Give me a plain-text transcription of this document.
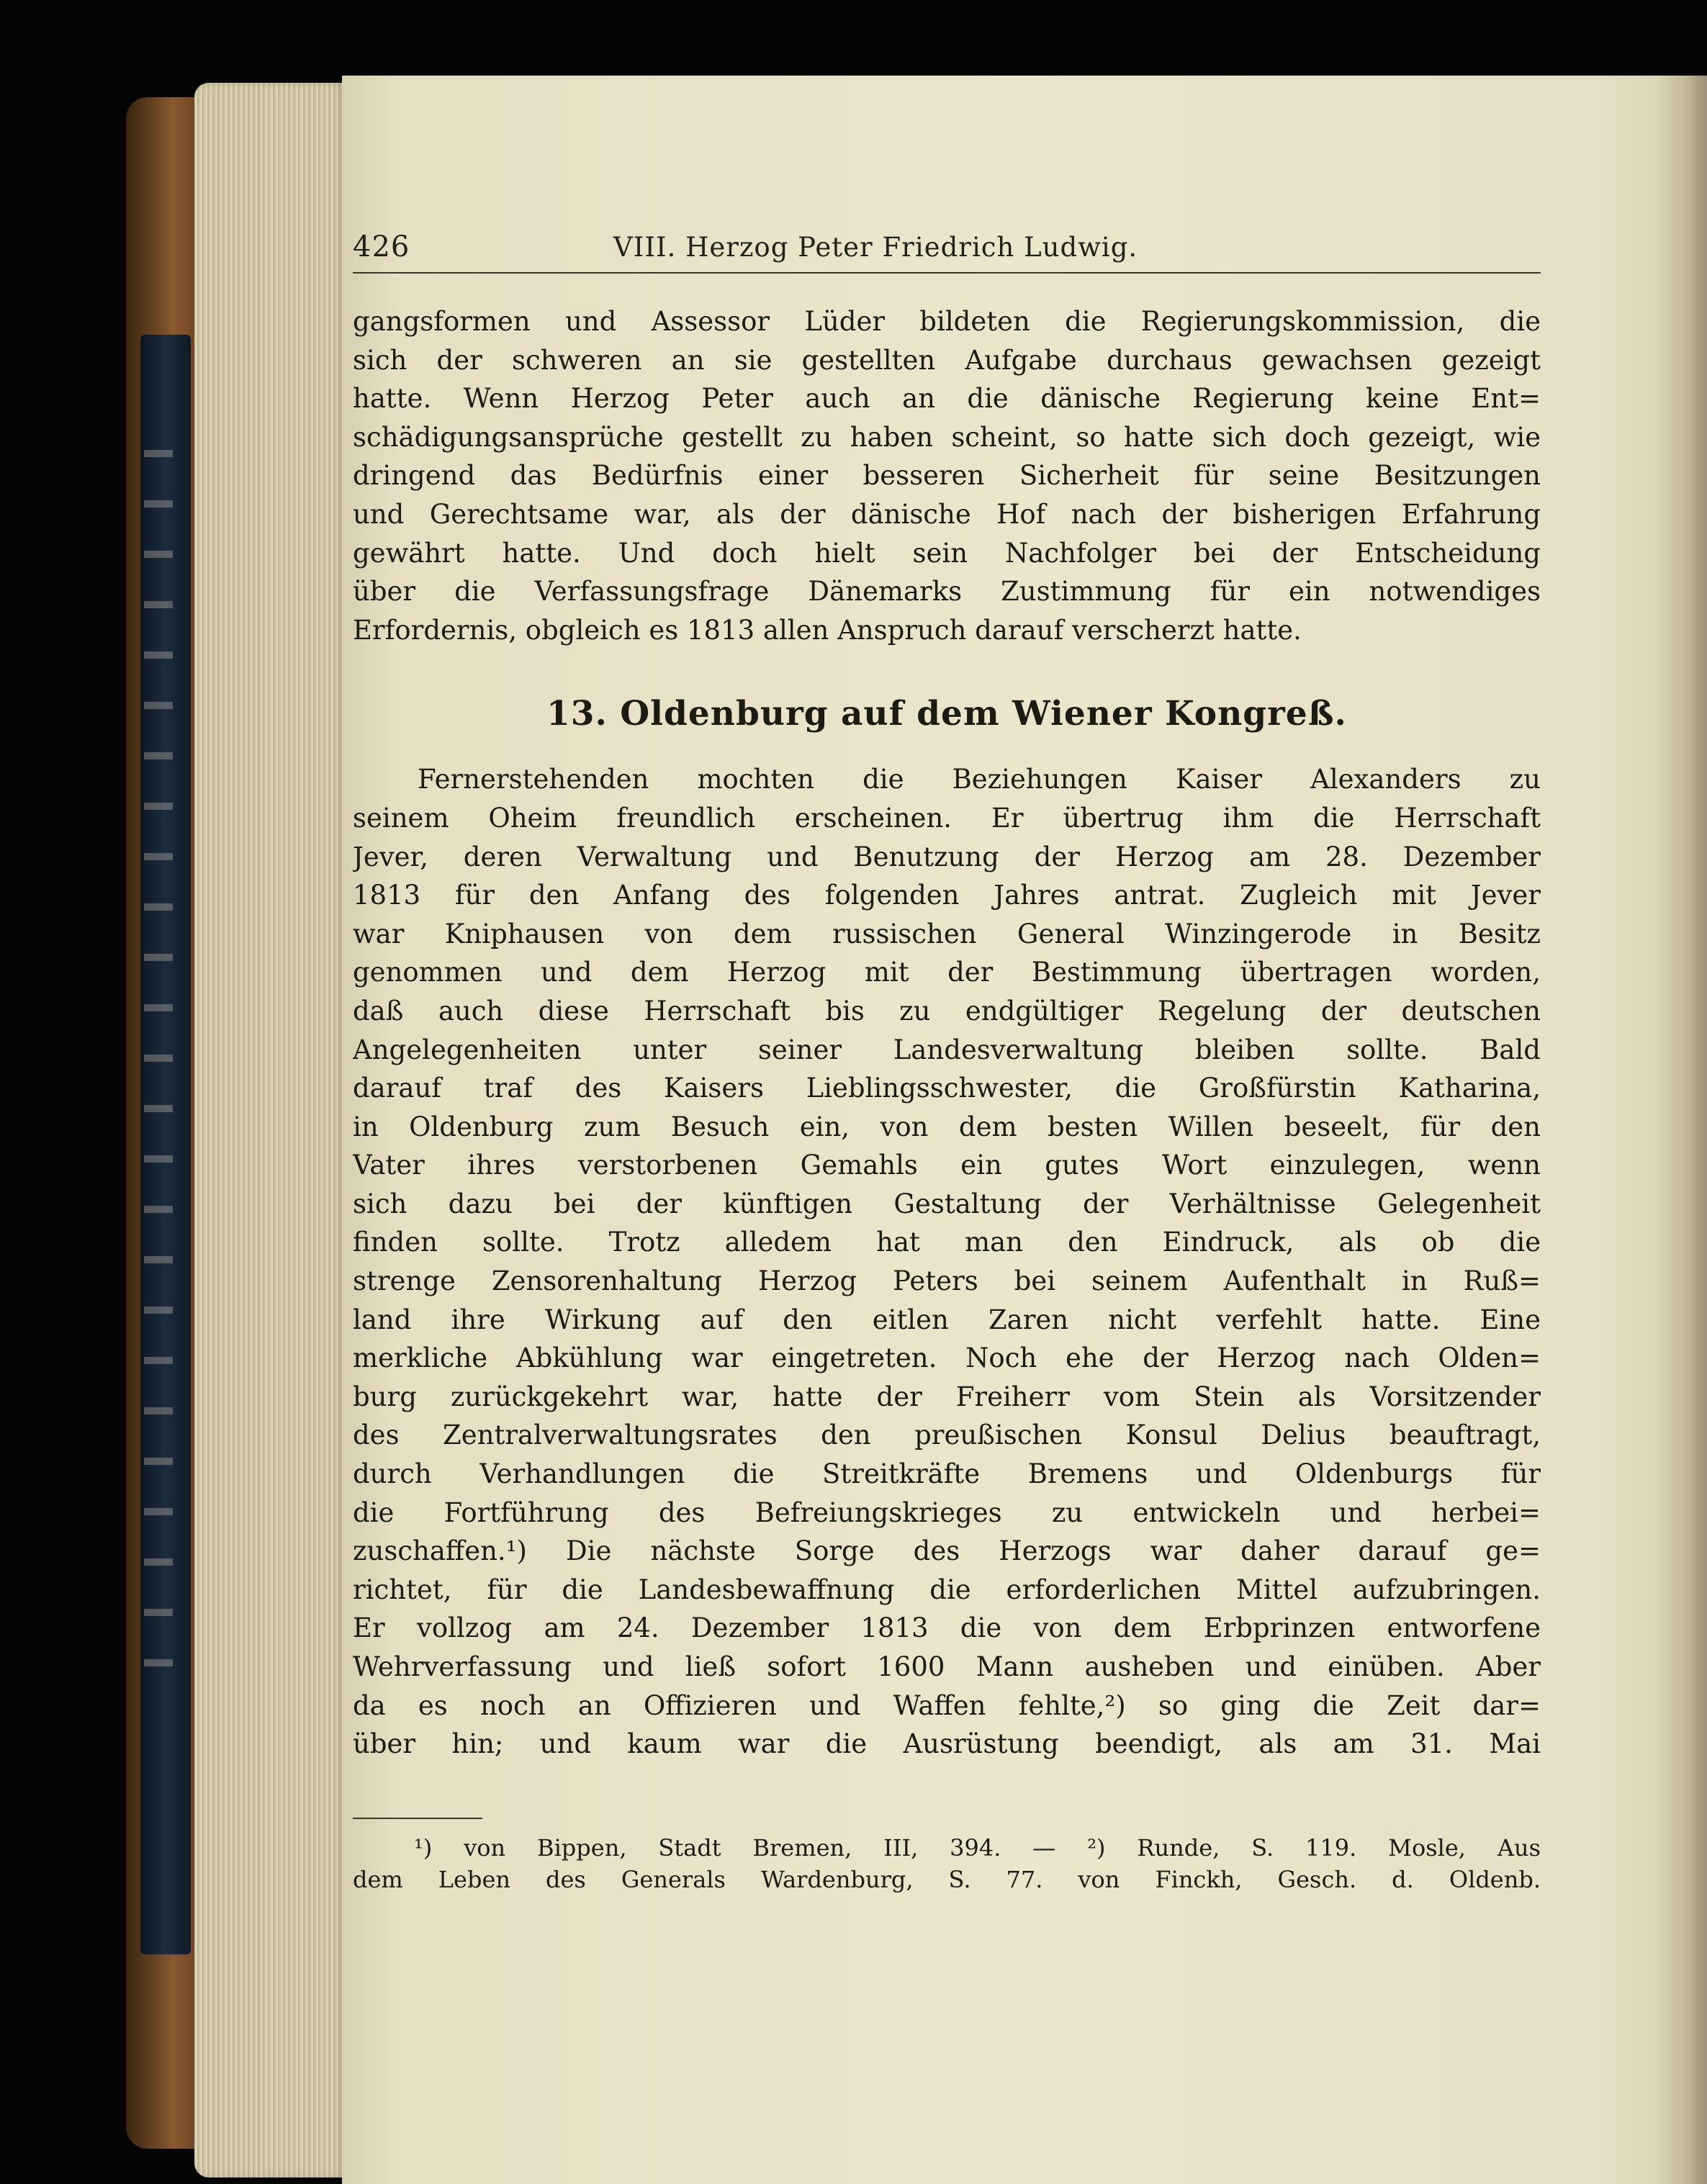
426	VIII. Herzog Peter Friedrich Ludwig.
gangsformen und Assessor Lüder bildeten die Regierungskommission, die
sich der schweren an sie gestellten Aufgabe durchaus gewachsen gezeigt
hatte. Wenn Herzog Peter auch an die dänische Regierung keine Ent=
schädigungsansprüche gestellt zu haben scheint, so hatte sich doch gezeigt, wie
dringend das Bedürfnis einer besseren Sicherheit für seine Besitzungen
und Gerechtsame war, als der dänische Hof nach der bisherigen Erfahrung
gewährt hatte. Und doch hielt sein Nachfolger bei der Entscheidung
über die Verfassungsfrage Dänemarks Zustimmung für ein notwendiges
Erfordernis, obgleich es 1813 allen Anspruch darauf verscherzt hatte.
13. Oldenburg auf dem Wiener Kongreß.
Fernerstehenden mochten die Beziehungen Kaiser Alexanders zu
seinem Oheim freundlich erscheinen. Er übertrug ihm die Herrschaft
Jever, deren Verwaltung und Benutzung der Herzog am 28. Dezember
1813 für den Anfang des folgenden Jahres antrat. Zugleich mit Jever
war Kniphausen von dem russischen General Winzingerode in Besitz
genommen und dem Herzog mit der Bestimmung übertragen worden,
daß auch diese Herrschaft bis zu endgültiger Regelung der deutschen
Angelegenheiten unter seiner Landesverwaltung bleiben sollte. Bald
darauf traf des Kaisers Lieblingsschwester, die Großfürstin Katharina,
in Oldenburg zum Besuch ein, von dem besten Willen beseelt, für den
Vater ihres verstorbenen Gemahls ein gutes Wort einzulegen, wenn
sich dazu bei der künftigen Gestaltung der Verhältnisse Gelegenheit
finden sollte. Trotz alledem hat man den Eindruck, als ob die
strenge Zensorenhaltung Herzog Peters bei seinem Aufenthalt in Ruß=
land ihre Wirkung auf den eitlen Zaren nicht verfehlt hatte. Eine
merkliche Abkühlung war eingetreten. Noch ehe der Herzog nach Olden=
burg zurückgekehrt war, hatte der Freiherr vom Stein als Vorsitzender
des Zentralverwaltungsrates den preußischen Konsul Delius beauftragt,
durch Verhandlungen die Streitkräfte Bremens und Oldenburgs für
die Fortführung des Befreiungskrieges zu entwickeln und herbei=
zuschaffen.¹) Die nächste Sorge des Herzogs war daher darauf ge=
richtet, für die Landesbewaffnung die erforderlichen Mittel aufzubringen.
Er vollzog am 24. Dezember 1813 die von dem Erbprinzen entworfene
Wehrverfassung und ließ sofort 1600 Mann ausheben und einüben. Aber
da es noch an Offizieren und Waffen fehlte,²) so ging die Zeit dar=
über hin; und kaum war die Ausrüstung beendigt, als am 31. Mai
¹) von Bippen, Stadt Bremen, III, 394. — ²) Runde, S. 119. Mosle, Aus
dem Leben des Generals Wardenburg, S. 77. von Finckh, Gesch. d. Oldenb.
